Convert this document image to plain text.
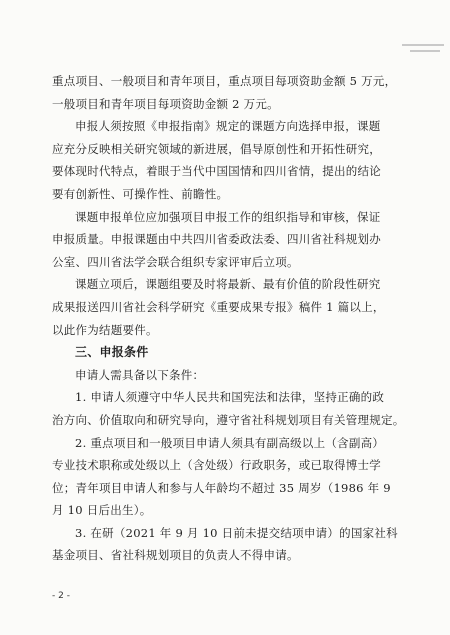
重点项目、一般项目和青年项目，重点项目每项资助金额 5 万元，
一般项目和青年项目每项资助金额 2 万元。
申报人须按照《申报指南》规定的课题方向选择申报，课题
应充分反映相关研究领域的新进展，倡导原创性和开拓性研究，
要体现时代特点，着眼于当代中国国情和四川省情，提出的结论
要有创新性、可操作性、前瞻性。
课题申报单位应加强项目申报工作的组织指导和审核，保证
申报质量。申报课题由中共四川省委政法委、四川省社科规划办
公室、四川省法学会联合组织专家评审后立项。
课题立项后，课题组要及时将最新、最有价值的阶段性研究
成果报送四川省社会科学研究《重要成果专报》稿件 1 篇以上，
以此作为结题要件。
三、申报条件
申请人需具备以下条件：
1. 申请人须遵守中华人民共和国宪法和法律，坚持正确的政
治方向、价值取向和研究导向，遵守省社科规划项目有关管理规定。
2. 重点项目和一般项目申请人须具有副高级以上（含副高）
专业技术职称或处级以上（含处级）行政职务，或已取得博士学
位；青年项目申请人和参与人年龄均不超过 35 周岁（1986 年 9
月 10 日后出生）。
3. 在研（2021 年 9 月 10 日前未提交结项申请）的国家社科
基金项目、省社科规划项目的负责人不得申请。
- 2 -
